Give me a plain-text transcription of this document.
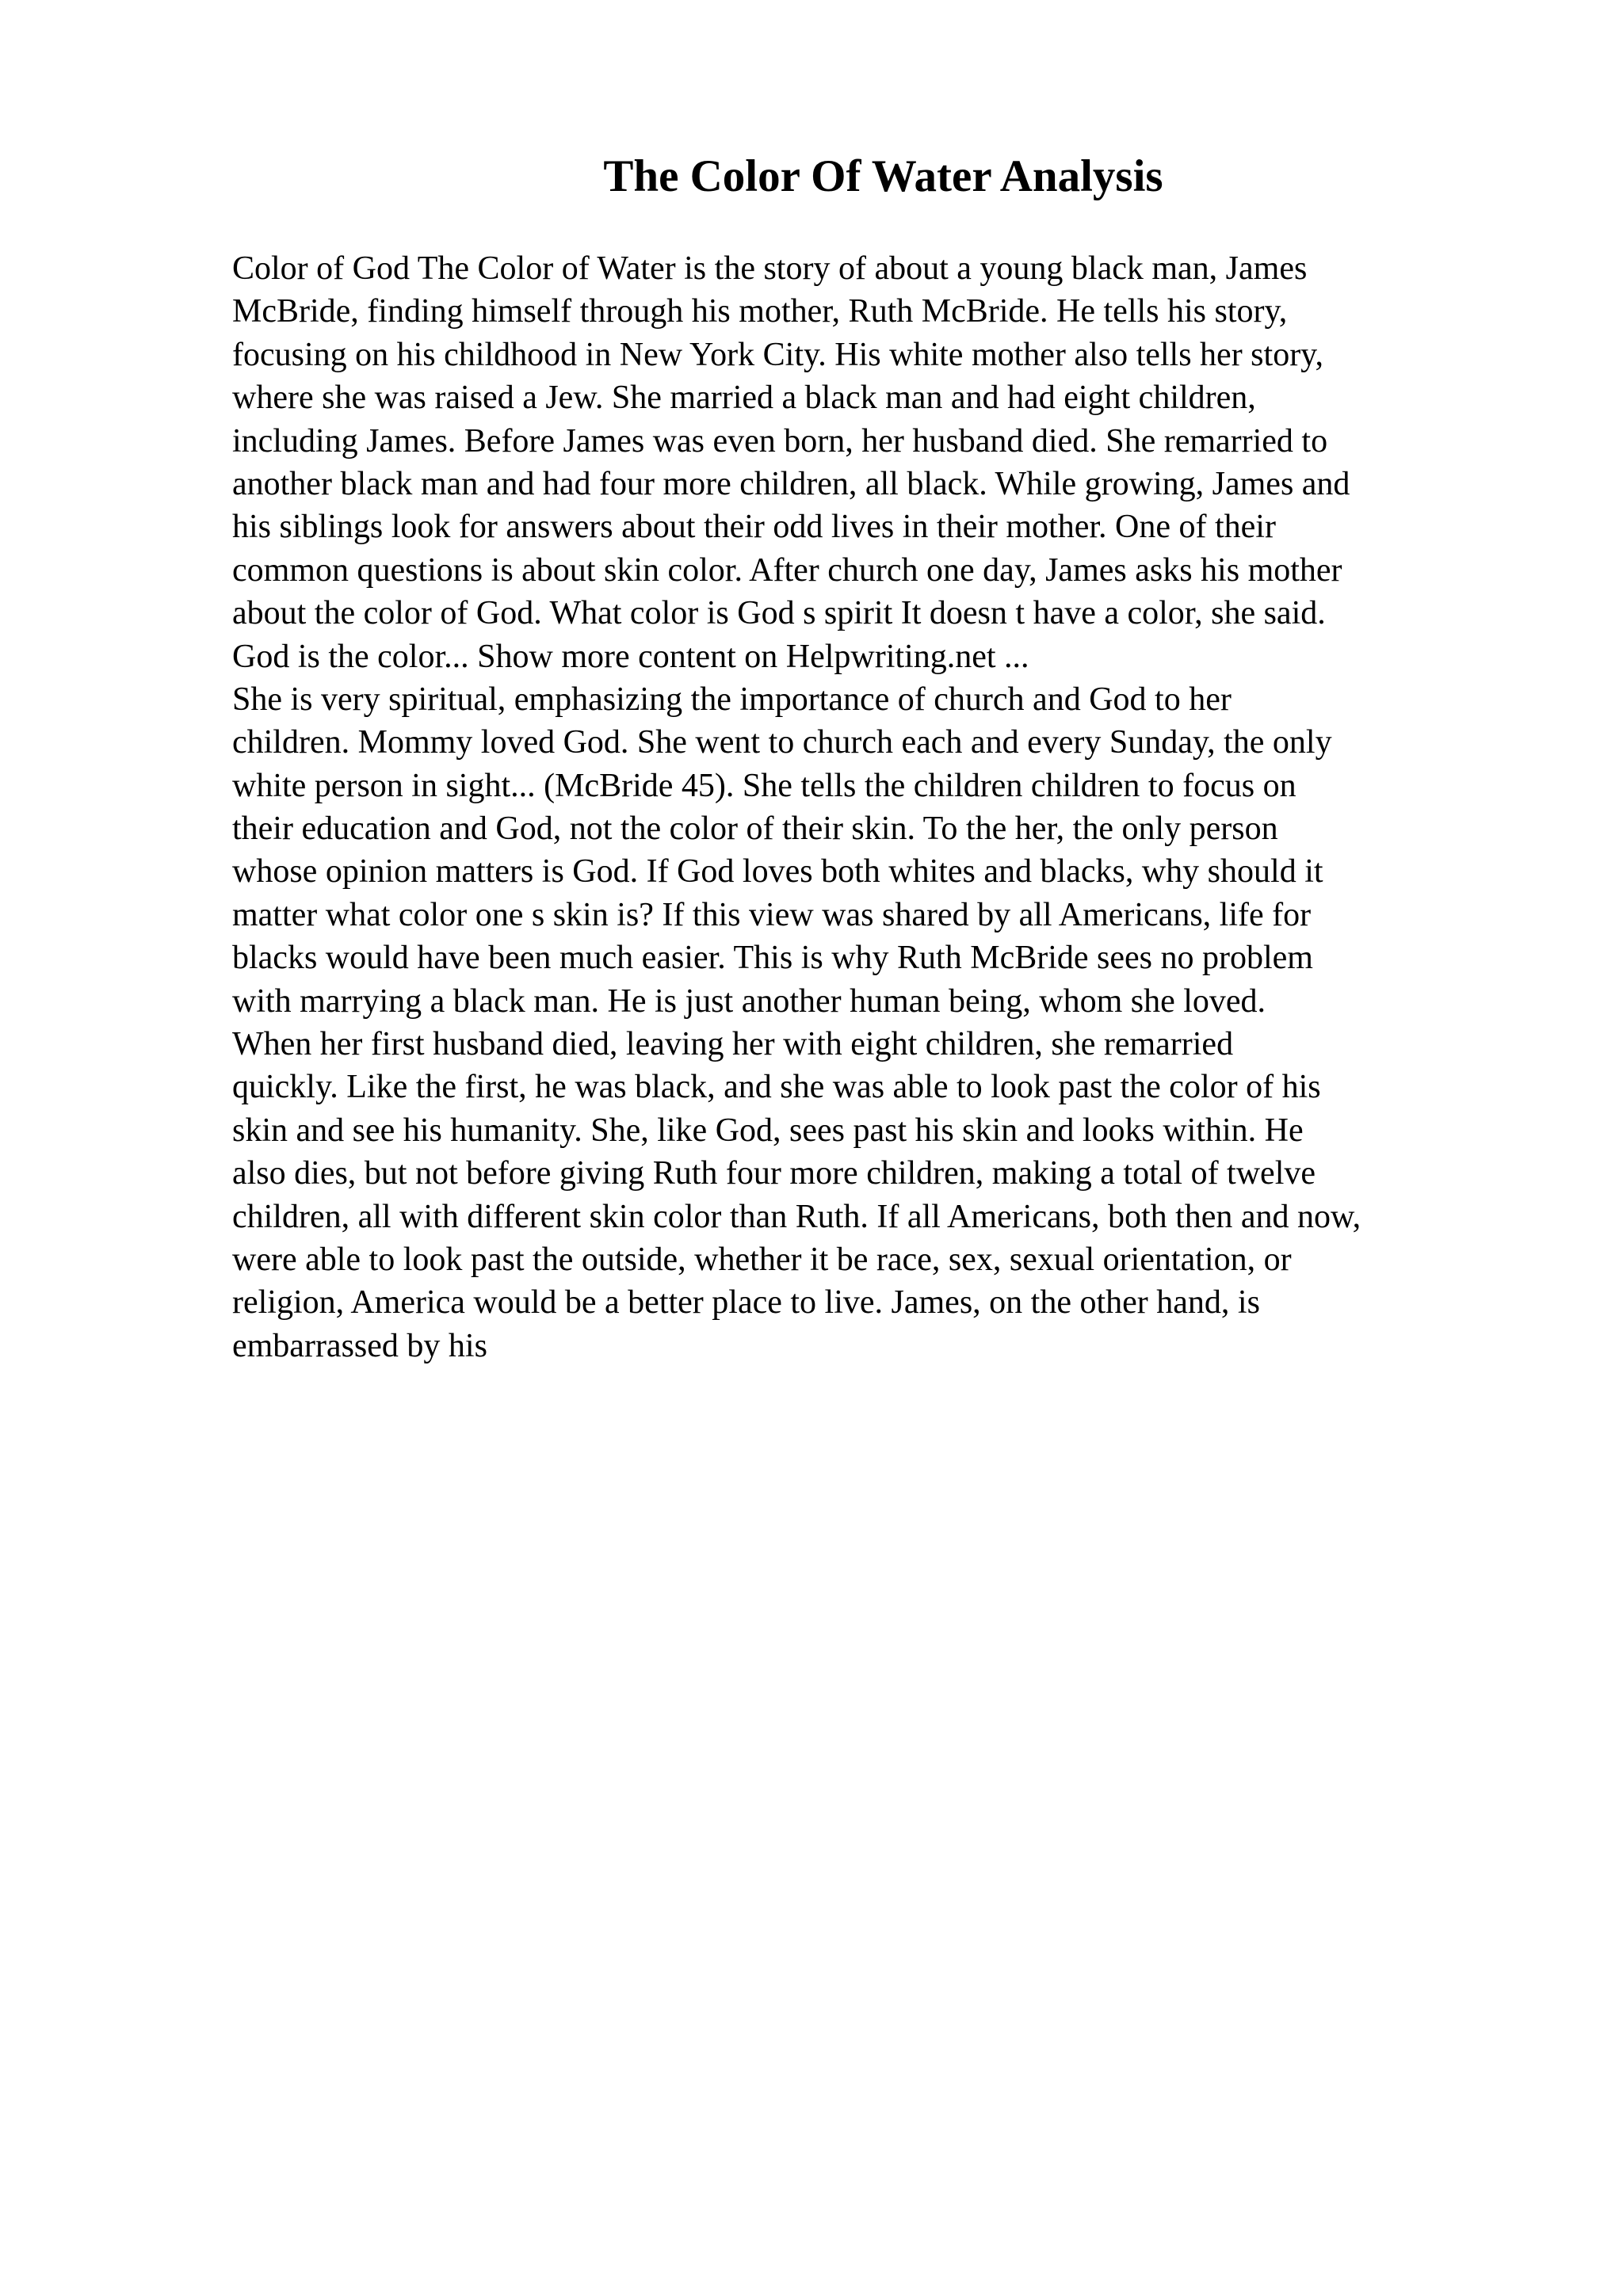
The Color Of Water Analysis
Color of God The Color of Water is the story of about a young black man, James
McBride, finding himself through his mother, Ruth McBride. He tells his story,
focusing on his childhood in New York City. His white mother also tells her story,
where she was raised a Jew. She married a black man and had eight children,
including James. Before James was even born, her husband died. She remarried to
another black man and had four more children, all black. While growing, James and
his siblings look for answers about their odd lives in their mother. One of their
common questions is about skin color. After church one day, James asks his mother
about the color of God. What color is God s spirit It doesn t have a color, she said.
God is the color... Show more content on Helpwriting.net ...
She is very spiritual, emphasizing the importance of church and God to her
children. Mommy loved God. She went to church each and every Sunday, the only
white person in sight... (McBride 45). She tells the children children to focus on
their education and God, not the color of their skin. To the her, the only person
whose opinion matters is God. If God loves both whites and blacks, why should it
matter what color one s skin is? If this view was shared by all Americans, life for
blacks would have been much easier. This is why Ruth McBride sees no problem
with marrying a black man. He is just another human being, whom she loved.
When her first husband died, leaving her with eight children, she remarried
quickly. Like the first, he was black, and she was able to look past the color of his
skin and see his humanity. She, like God, sees past his skin and looks within. He
also dies, but not before giving Ruth four more children, making a total of twelve
children, all with different skin color than Ruth. If all Americans, both then and now,
were able to look past the outside, whether it be race, sex, sexual orientation, or
religion, America would be a better place to live. James, on the other hand, is
embarrassed by his
